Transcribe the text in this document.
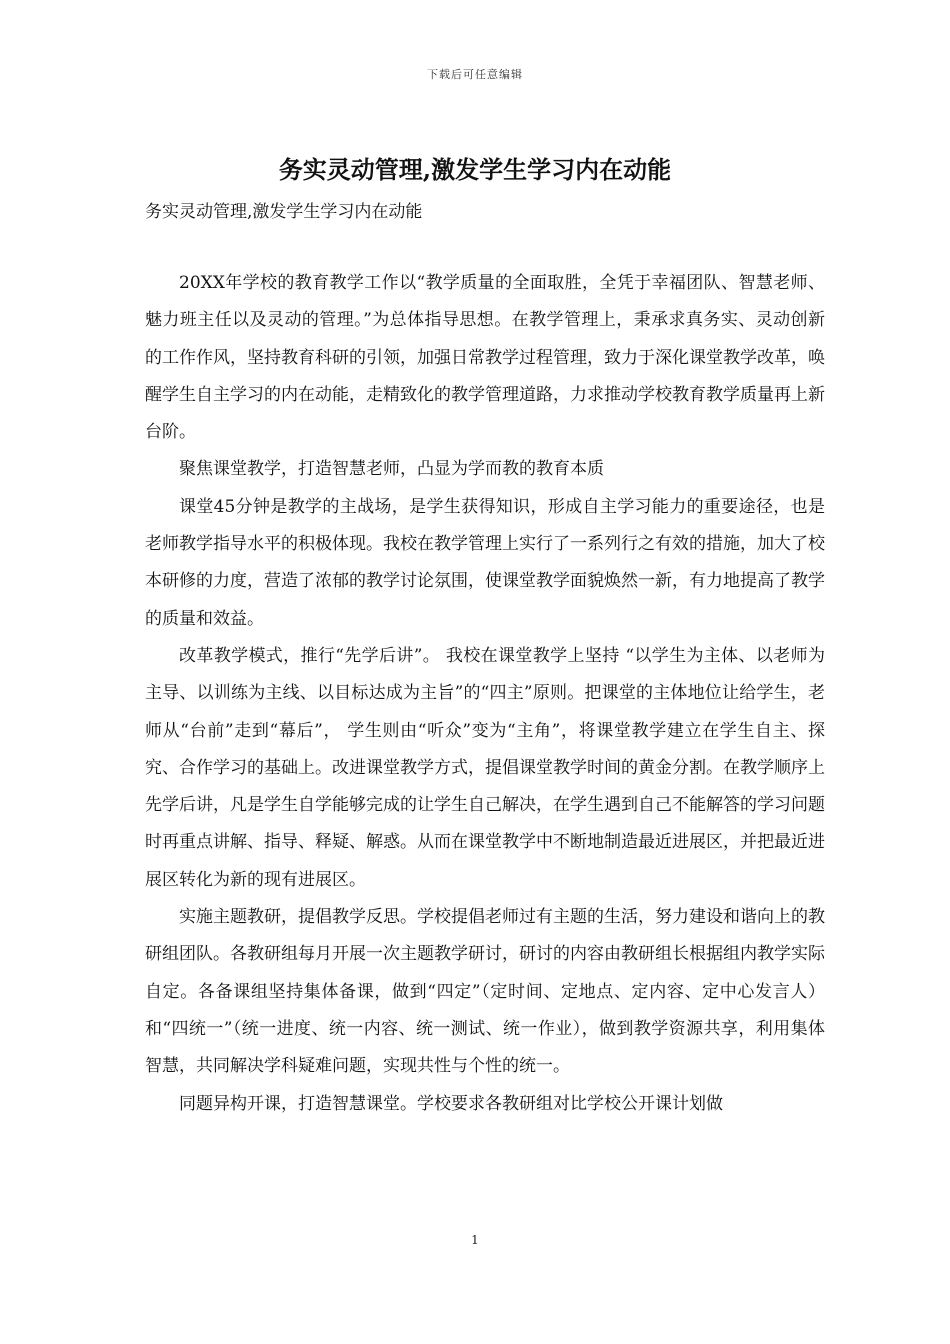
下载后可任意编辑
务实灵动管理,激发学生学习内在动能

务实灵动管理,激发学生学习内在动能

20XX年学校的教育教学工作以“教学质量的全面取胜，全凭于幸福团队、智慧老师、魅力班主任以及灵动的管理。”为总体指导思想。在教学管理上，秉承求真务实、灵动创新的工作作风，坚持教育科研的引领，加强日常教学过程管理，致力于深化课堂教学改革，唤醒学生自主学习的内在动能，走精致化的教学管理道路，力求推动学校教育教学质量再上新台阶。

聚焦课堂教学，打造智慧老师，凸显为学而教的教育本质

课堂45分钟是教学的主战场，是学生获得知识，形成自主学习能力的重要途径，也是老师教学指导水平的积极体现。我校在教学管理上实行了一系列行之有效的措施，加大了校本研修的力度，营造了浓郁的教学讨论氛围，使课堂教学面貌焕然一新，有力地提高了教学的质量和效益。

改革教学模式，推行“先学后讲”。 我校在课堂教学上坚持 “以学生为主体、以老师为主导、以训练为主线、以目标达成为主旨”的“四主”原则。把课堂的主体地位让给学生，老师从“台前”走到“幕后”， 学生则由“听众”变为“主角”，将课堂教学建立在学生自主、探究、合作学习的基础上。改进课堂教学方式，提倡课堂教学时间的黄金分割。在教学顺序上先学后讲，凡是学生自学能够完成的让学生自己解决，在学生遇到自己不能解答的学习问题时再重点讲解、指导、释疑、解惑。从而在课堂教学中不断地制造最近进展区，并把最近进展区转化为新的现有进展区。

实施主题教研，提倡教学反思。学校提倡老师过有主题的生活，努力建设和谐向上的教研组团队。各教研组每月开展一次主题教学研讨，研讨的内容由教研组长根据组内教学实际自定。各备课组坚持集体备课，做到“四定”（定时间、定地点、定内容、定中心发言人）和“四统一”（统一进度、统一内容、统一测试、统一作业），做到教学资源共享，利用集体智慧，共同解决学科疑难问题，实现共性与个性的统一。

同题异构开课，打造智慧课堂。学校要求各教研组对比学校公开课计划做

1
